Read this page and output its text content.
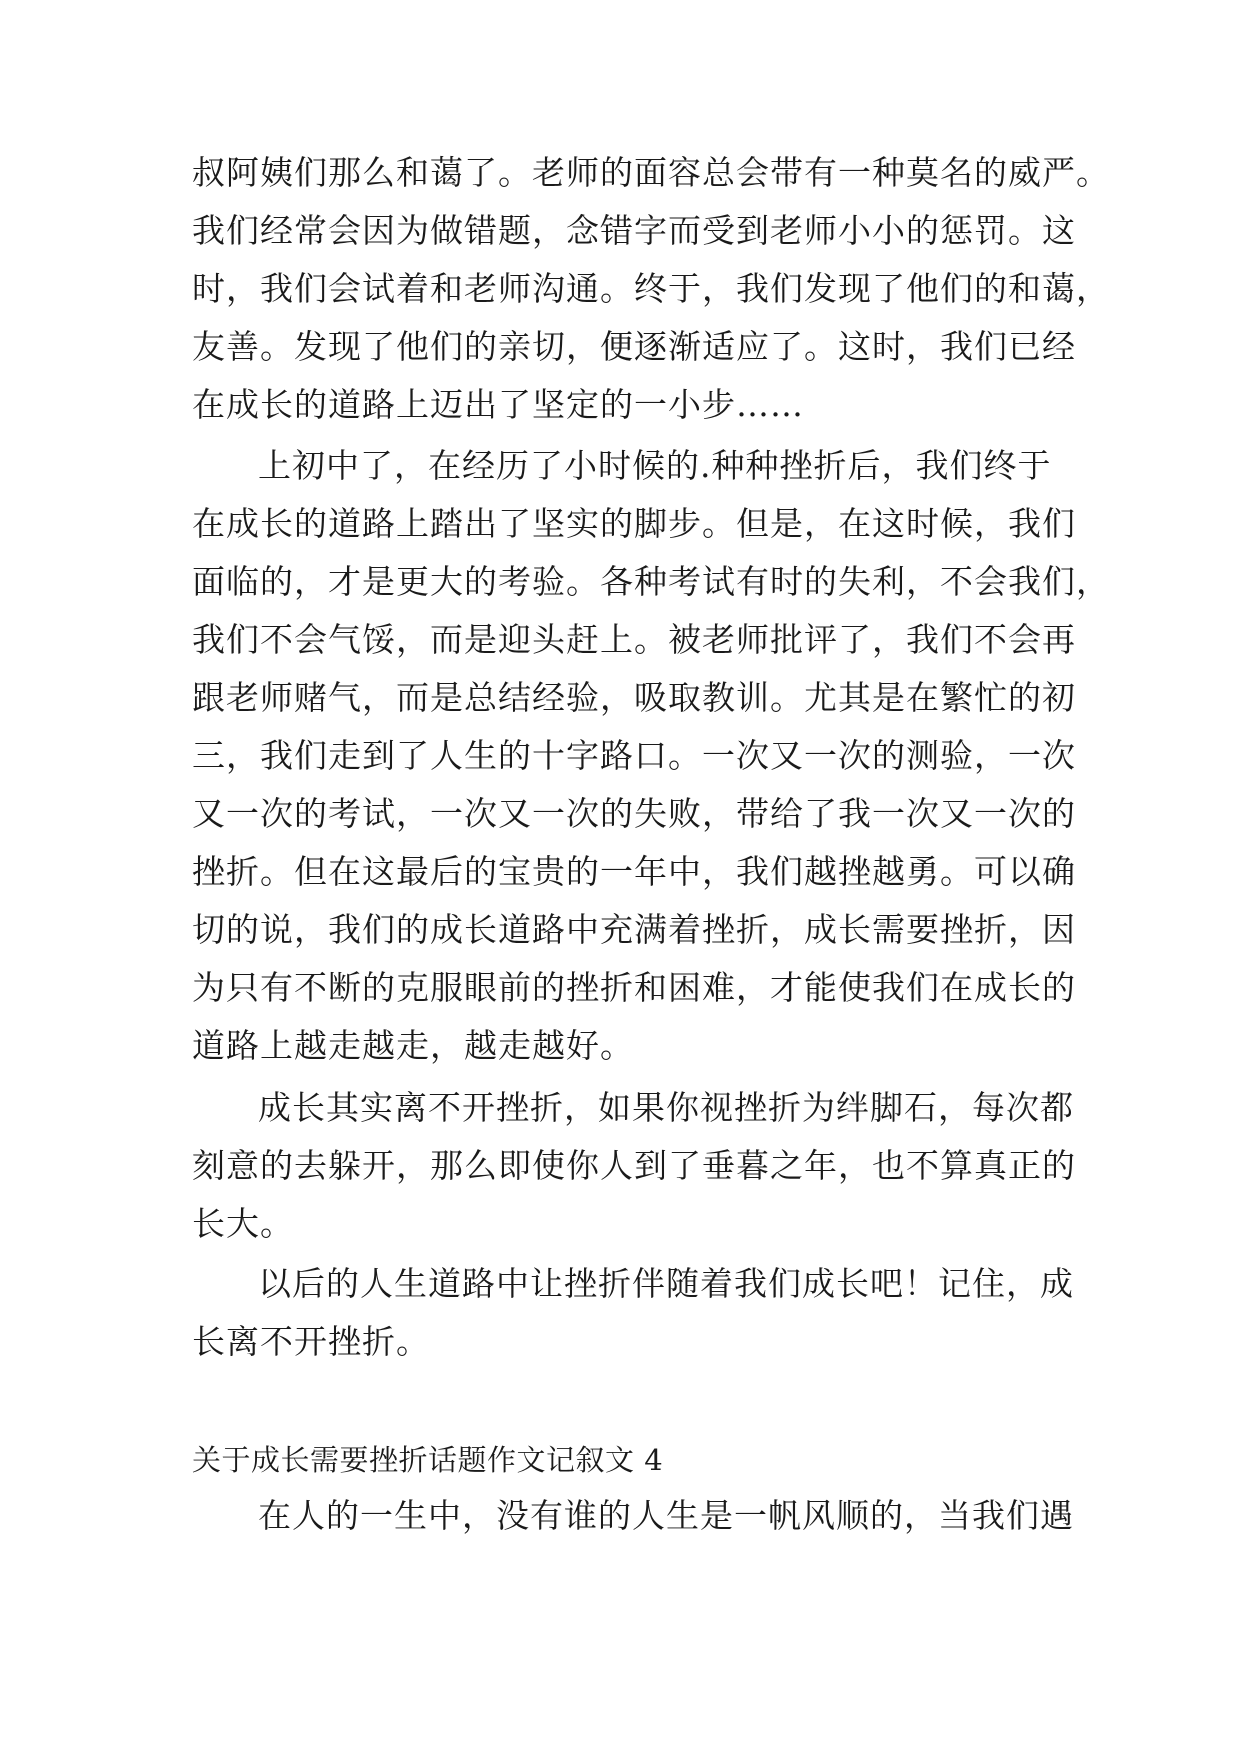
叔阿姨们那么和蔼了。老师的面容总会带有一种莫名的威严。
我们经常会因为做错题，念错字而受到老师小小的惩罚。这
时，我们会试着和老师沟通。终于，我们发现了他们的和蔼，
友善。发现了他们的亲切，便逐渐适应了。这时，我们已经
在成长的道路上迈出了坚定的一小步……
上初中了，在经历了小时候的.种种挫折后，我们终于
在成长的道路上踏出了坚实的脚步。但是，在这时候，我们
面临的，才是更大的考验。各种考试有时的失利，不会我们，
我们不会气馁，而是迎头赶上。被老师批评了，我们不会再
跟老师赌气，而是总结经验，吸取教训。尤其是在繁忙的初
三，我们走到了人生的十字路口。一次又一次的测验，一次
又一次的考试，一次又一次的失败，带给了我一次又一次的
挫折。但在这最后的宝贵的一年中，我们越挫越勇。可以确
切的说，我们的成长道路中充满着挫折，成长需要挫折，因
为只有不断的克服眼前的挫折和困难，才能使我们在成长的
道路上越走越走，越走越好。
成长其实离不开挫折，如果你视挫折为绊脚石，每次都
刻意的去躲开，那么即使你人到了垂暮之年，也不算真正的
长大。
以后的人生道路中让挫折伴随着我们成长吧！记住，成
长离不开挫折。
关于成长需要挫折话题作文记叙文 4
在人的一生中，没有谁的人生是一帆风顺的，当我们遇
